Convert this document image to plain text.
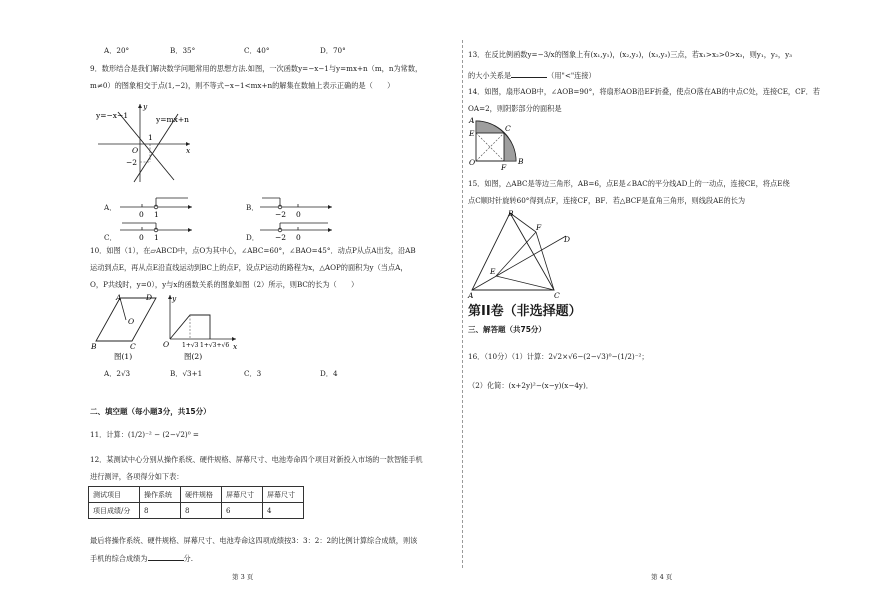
A．20°	B．35°	C．40°	D．70°
9．数形结合是我们解决数学问题常用的思想方法.如图，一次函数y=−x−1与y=mx+n（m，n为常数，
m≠0）的图象相交于点(1,−2)，则不等式−x−1<mx+n的解集在数轴上表示正确的是（　　）
y=−x−1	y=mx+n
y
x
O
1
−2
A．
0 1
B．
−2 0
C．	0 1	D． −2 0
10．如图（1），在▱ABCD中，点O为其中心，∠ABC=60°，∠BAO=45°．动点P从点A出发，沿AB
运动到点E，再从点E沿直线运动到BC上的点F，设点P运动的路程为x，△AOP的面积为y（当点A，
O，P共线时，y=0），y与x的函数关系的图象如图（2）所示，则BC的长为（　　）
A	D
B	C
O
图(1)
y
x
O 1+√3 1+√3+√6
图(2)
A．2√3	B．√3+1	C．3	D．4
二、填空题（每小题3分，共15分）
11．计算：(1/2)⁻² − (2−√2)⁰ =
12．某测试中心分别从操作系统、硬件规格、屏幕尺寸、电池寿命四个项目对新投入市场的一款智能手机
进行测评，各项得分如下表：
测试项目	操作系统	硬件规格	屏幕尺寸	屏幕尺寸
项目成绩/分	8	8	6	4
最后将操作系统、硬件规格、屏幕尺寸、电池寿命这四项成绩按3：3：2：2的比例计算综合成绩，则该
手机的综合成绩为	分.
第 3 页
13．在反比例函数y=−3/x的图象上有(x₁,y₁)，(x₂,y₂)，(x₃,y₃)三点，若x₁>x₂>0>x₃，则y₁，y₂，y₃
的大小关系是	（用"<"连接）
14．如图，扇形AOB中，∠AOB=90°，将扇形AOB沿EF折叠，使点O落在AB的中点C处，连接CE，CF．若
OA=2，则阴影部分的面积是
A
E
C
B
O
F
15．如图，△ABC是等边三角形，AB=6，点E是∠BAC的平分线AD上的一动点，连接CE，将点E绕
点C顺时针旋转60°得到点F，连接CF，BF．若△BCF是直角三角形，则线段AE的长为
B
F
D
E
A	C
第II卷（非选择题）
三、解答题（共75分）
16．（10分）（1）计算：2√2×√6−(2−√3)⁰−(1/2)⁻²；
（2）化简：(x+2y)²−(x−y)(x−4y)．
第 4 页
